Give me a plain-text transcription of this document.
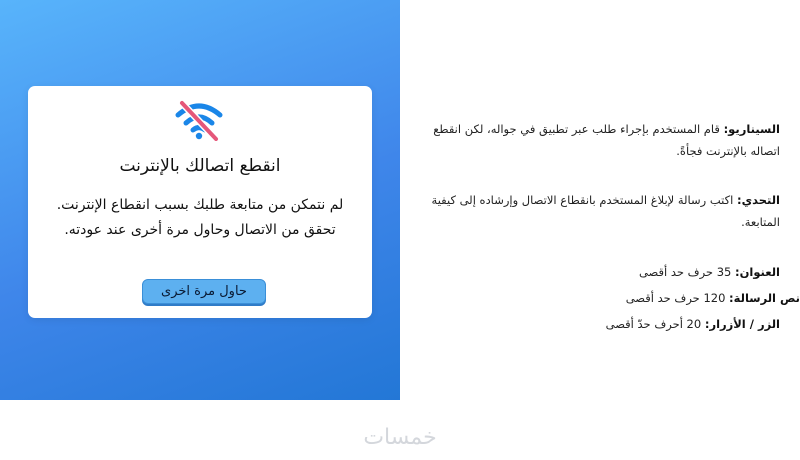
انقطع اتصالك بالإنترنت
لم نتمكن من متابعة طلبك بسبب انقطاع الإنترنت.
تحقق من الاتصال وحاول مرة أخرى عند عودته.
حاول مرة اخرى
السيناريو: قام المستخدم بإجراء طلب عبر تطبيق في جواله، لكن انقطع اتصاله بالإنترنت فجأةً.
التحدي: اكتب رسالة لإبلاغ المستخدم بانقطاع الاتصال وإرشاده إلى كيفية المتابعة.
العنوان: 35 حرف حد أقصى
نص الرسالة: 120 حرف حد أقصى
الزر / الأزرار: 20 أحرف حدّ أقصى
خمسات
